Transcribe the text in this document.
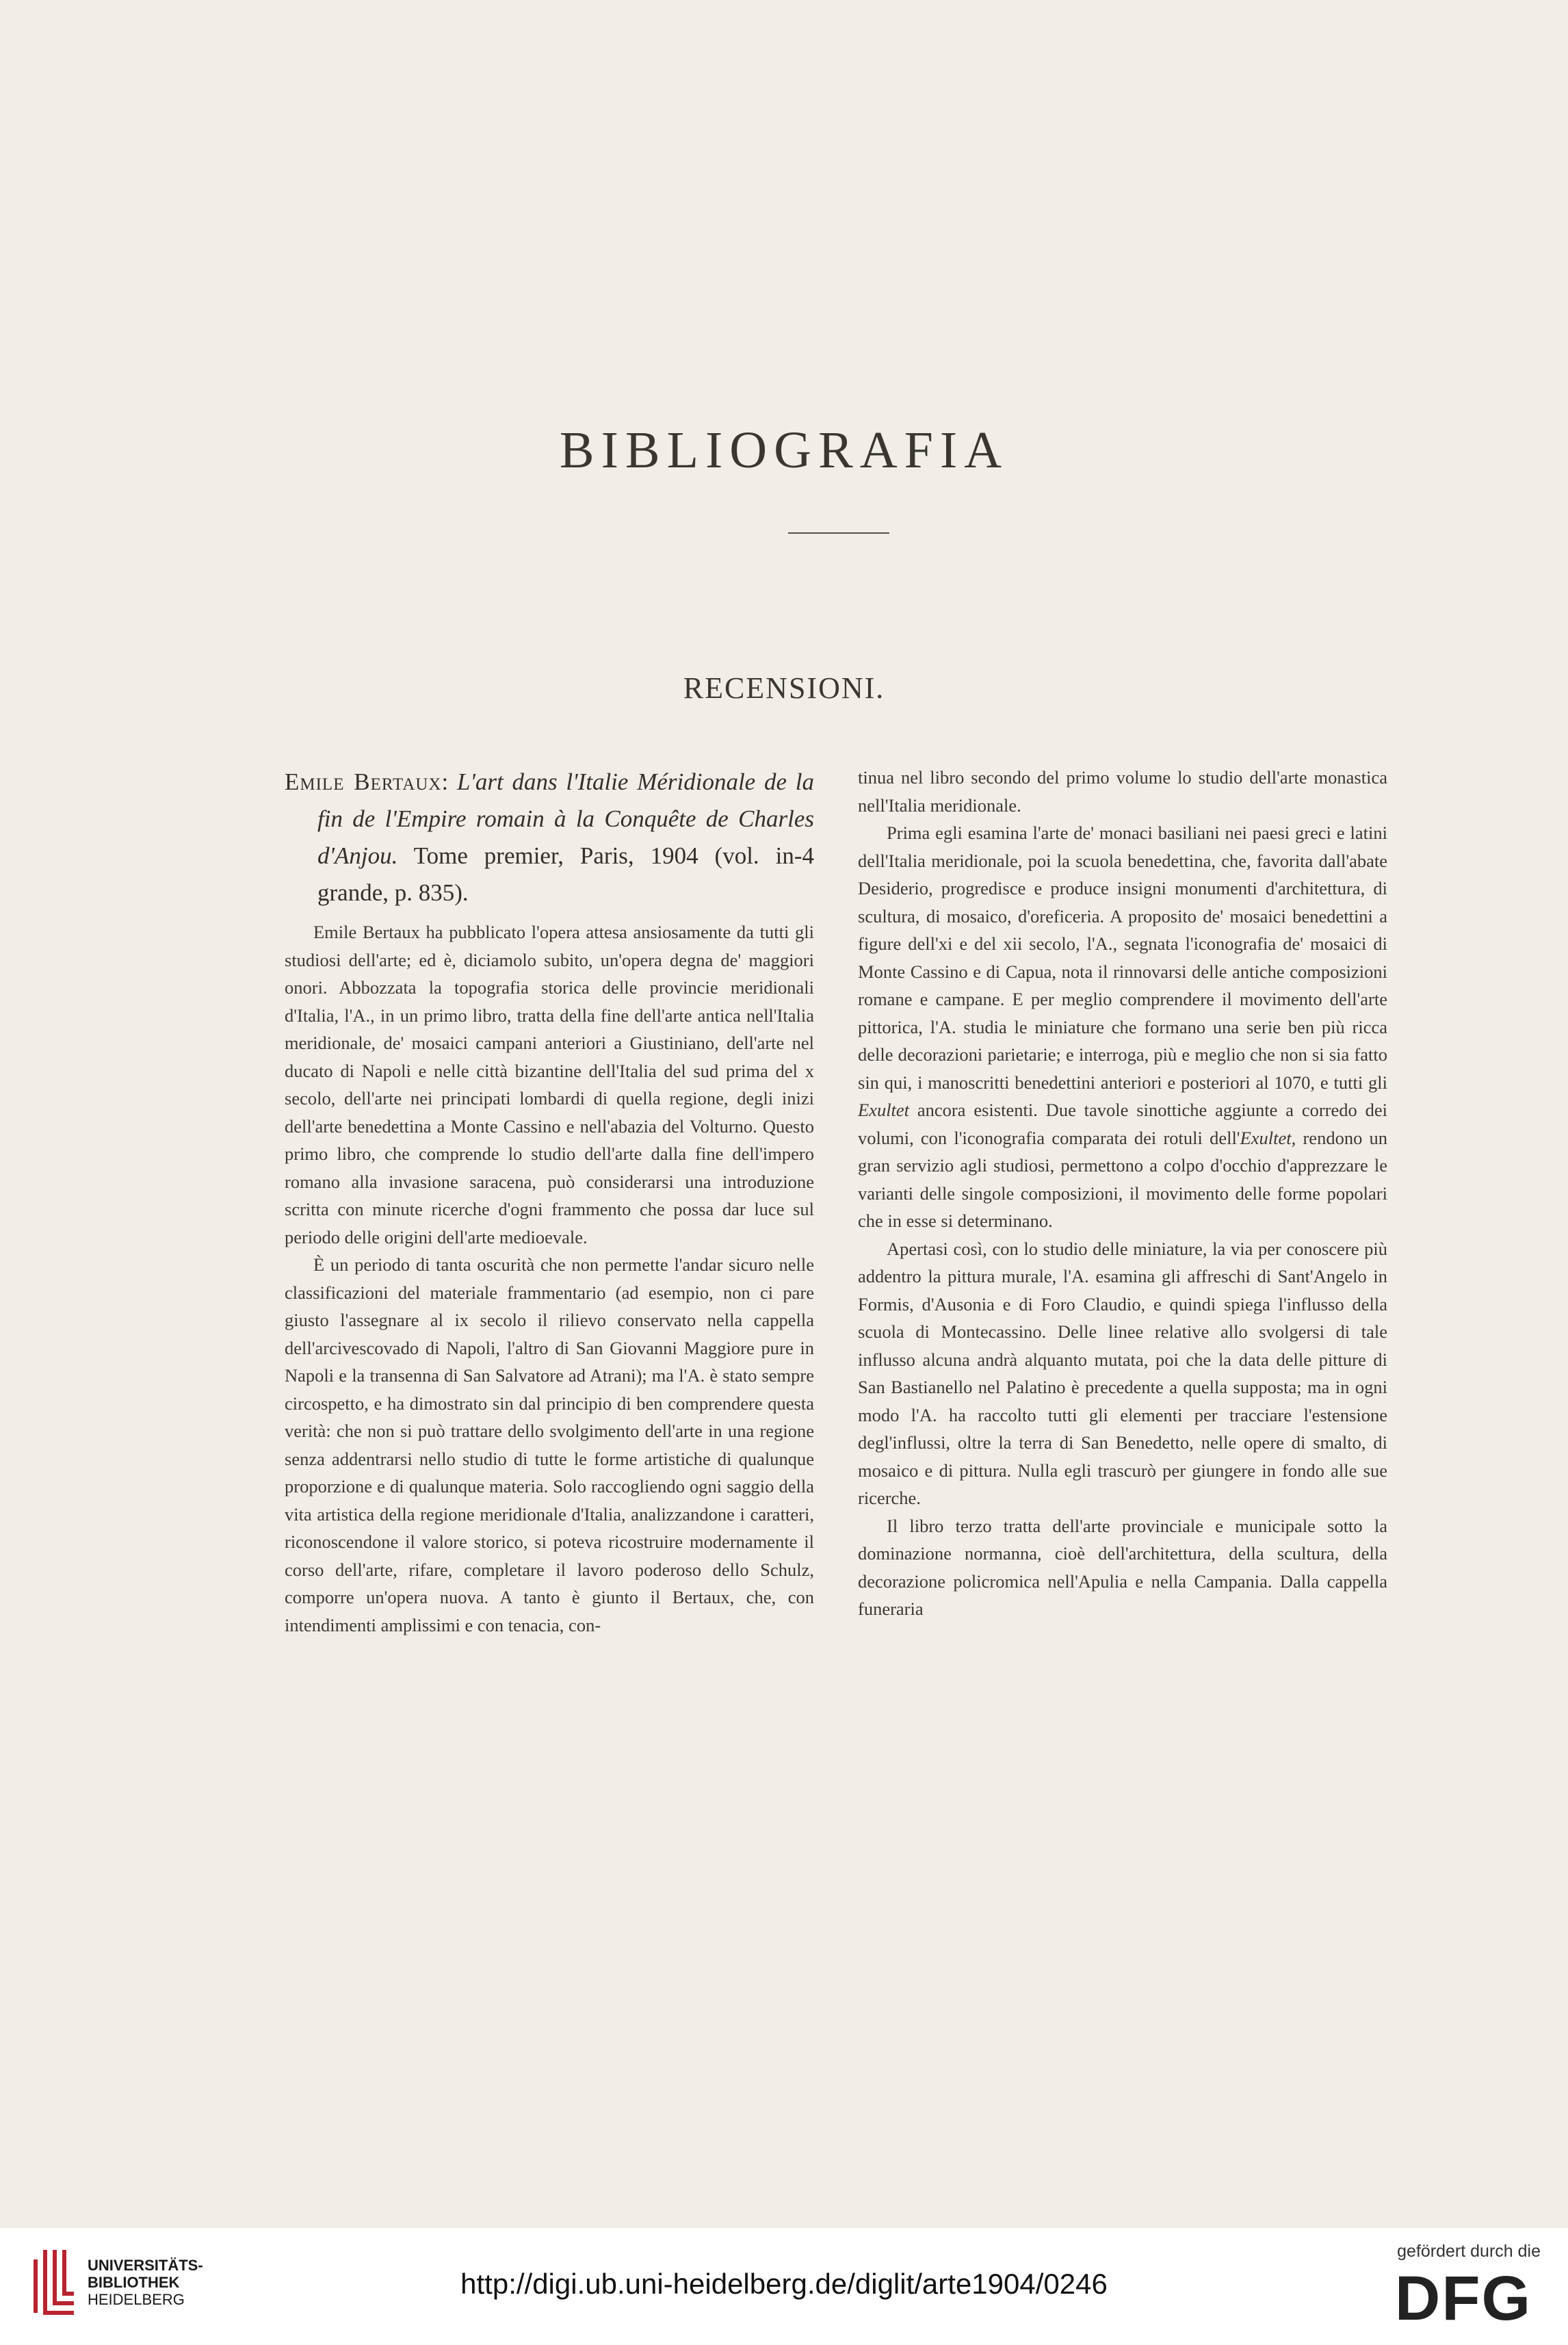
BIBLIOGRAFIA
RECENSIONI.

Emile Bertaux: L'art dans l'Italie Méridionale de la fin de l'Empire romain à la Conquête de Charles d'Anjou. Tome premier, Paris, 1904 (vol. in-4 grande, p. 835).

Emile Bertaux ha pubblicato l'opera attesa ansiosamente da tutti gli studiosi dell'arte; ed è, diciamolo subito, un'opera degna de' maggiori onori. Abbozzata la topografia storica delle provincie meridionali d'Italia, l'A., in un primo libro, tratta della fine dell'arte antica nell'Italia meridionale, de' mosaici campani anteriori a Giustiniano, dell'arte nel ducato di Napoli e nelle città bizantine dell'Italia del sud prima del x secolo, dell'arte nei principati lombardi di quella regione, degli inizi dell'arte benedettina a Monte Cassino e nell'abazia del Volturno. Questo primo libro, che comprende lo studio dell'arte dalla fine dell'impero romano alla invasione saracena, può considerarsi una introduzione scritta con minute ricerche d'ogni frammento che possa dar luce sul periodo delle origini dell'arte medioevale.

È un periodo di tanta oscurità che non permette l'andar sicuro nelle classificazioni del materiale frammentario (ad esempio, non ci pare giusto l'assegnare al ix secolo il rilievo conservato nella cappella dell'arcivescovado di Napoli, l'altro di San Giovanni Maggiore pure in Napoli e la transenna di San Salvatore ad Atrani); ma l'A. è stato sempre circospetto, e ha dimostrato sin dal principio di ben comprendere questa verità: che non si può trattare dello svolgimento dell'arte in una regione senza addentrarsi nello studio di tutte le forme artistiche di qualunque proporzione e di qualunque materia. Solo raccogliendo ogni saggio della vita artistica della regione meridionale d'Italia, analizzandone i caratteri, riconoscendone il valore storico, si poteva ricostruire modernamente il corso dell'arte, rifare, completare il lavoro poderoso dello Schulz, comporre un'opera nuova. A tanto è giunto il Bertaux, che, con intendimenti amplissimi e con tenacia, con-

tinua nel libro secondo del primo volume lo studio dell'arte monastica nell'Italia meridionale.

Prima egli esamina l'arte de' monaci basiliani nei paesi greci e latini dell'Italia meridionale, poi la scuola benedettina, che, favorita dall'abate Desiderio, progredisce e produce insigni monumenti d'architettura, di scultura, di mosaico, d'oreficeria. A proposito de' mosaici benedettini a figure dell'xi e del xii secolo, l'A., segnata l'iconografia de' mosaici di Monte Cassino e di Capua, nota il rinnovarsi delle antiche composizioni romane e campane. E per meglio comprendere il movimento dell'arte pittorica, l'A. studia le miniature che formano una serie ben più ricca delle decorazioni parietarie; e interroga, più e meglio che non si sia fatto sin qui, i manoscritti benedettini anteriori e posteriori al 1070, e tutti gli Exultet ancora esistenti. Due tavole sinottiche aggiunte a corredo dei volumi, con l'iconografia comparata dei rotuli dell'Exultet, rendono un gran servizio agli studiosi, permettono a colpo d'occhio d'apprezzare le varianti delle singole composizioni, il movimento delle forme popolari che in esse si determinano.

Apertasi così, con lo studio delle miniature, la via per conoscere più addentro la pittura murale, l'A. esamina gli affreschi di Sant'Angelo in Formis, d'Ausonia e di Foro Claudio, e quindi spiega l'influsso della scuola di Montecassino. Delle linee relative allo svolgersi di tale influsso alcuna andrà alquanto mutata, poi che la data delle pitture di San Bastianello nel Palatino è precedente a quella supposta; ma in ogni modo l'A. ha raccolto tutti gli elementi per tracciare l'estensione degl'influssi, oltre la terra di San Benedetto, nelle opere di smalto, di mosaico e di pittura. Nulla egli trascurò per giungere in fondo alle sue ricerche.

Il libro terzo tratta dell'arte provinciale e municipale sotto la dominazione normanna, cioè dell'architettura, della scultura, della decorazione policromica nell'Apulia e nella Campania. Dalla cappella funeraria

UNIVERSITÄTS-
BIBLIOTHEK
HEIDELBERG	http://digi.ub.uni-heidelberg.de/diglit/arte1904/0246
gefördert durch die
DFG
